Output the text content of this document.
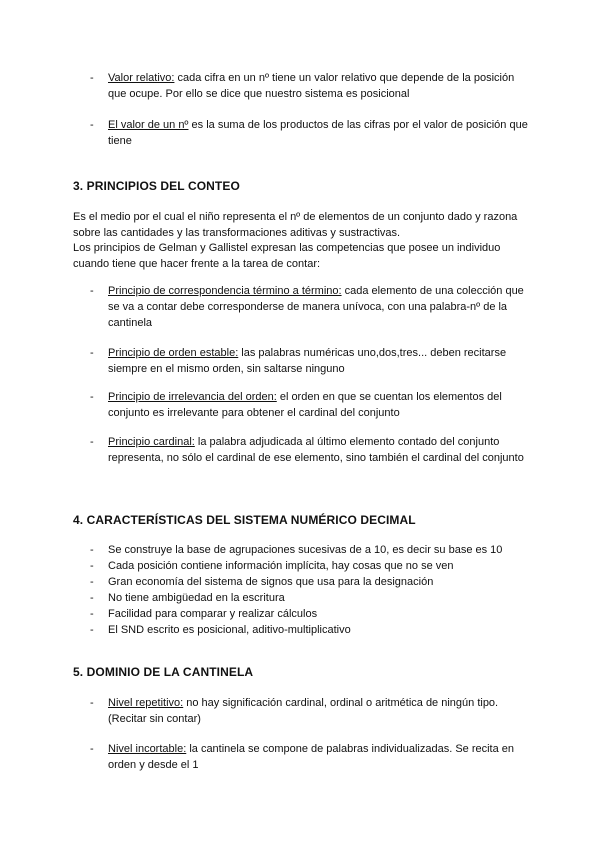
- Valor relativo: cada cifra en un nº tiene un valor relativo que depende de la posición que ocupe. Por ello se dice que nuestro sistema es posicional
- El valor de un nº es la suma de los productos de las cifras por el valor de posición que tiene
3. PRINCIPIOS DEL CONTEO
Es el medio por el cual el niño representa el nº de elementos de un conjunto dado y razona sobre las cantidades y las transformaciones aditivas y sustractivas.
Los principios de Gelman y Gallistel expresan las competencias que posee un individuo cuando tiene que hacer frente a la tarea de contar:
- Principio de correspondencia término a término: cada elemento de una colección que se va a contar debe corresponderse de manera unívoca, con una palabra-nº de la cantinela
- Principio de orden estable: las palabras numéricas uno,dos,tres... deben recitarse siempre en el mismo orden, sin saltarse ninguno
- Principio de irrelevancia del orden: el orden en que se cuentan los elementos del conjunto es irrelevante para obtener el cardinal del conjunto
- Principio cardinal: la palabra adjudicada al último elemento contado del conjunto representa, no sólo el cardinal de ese elemento, sino también el cardinal del conjunto
4. CARACTERÍSTICAS DEL SISTEMA NUMÉRICO DECIMAL
- Se construye la base de agrupaciones sucesivas de a 10, es decir su base es 10
- Cada posición contiene información implícita, hay cosas que no se ven
- Gran economía del sistema de signos que usa para la designación
- No tiene ambigüedad en la escritura
- Facilidad para comparar y realizar cálculos
- El SND escrito es posicional, aditivo-multiplicativo
5. DOMINIO DE LA CANTINELA
- Nivel repetitivo: no hay significación cardinal, ordinal o aritmética de ningún tipo. (Recitar sin contar)
- Nivel incortable: la cantinela se compone de palabras individualizadas. Se recita en orden y desde el 1
